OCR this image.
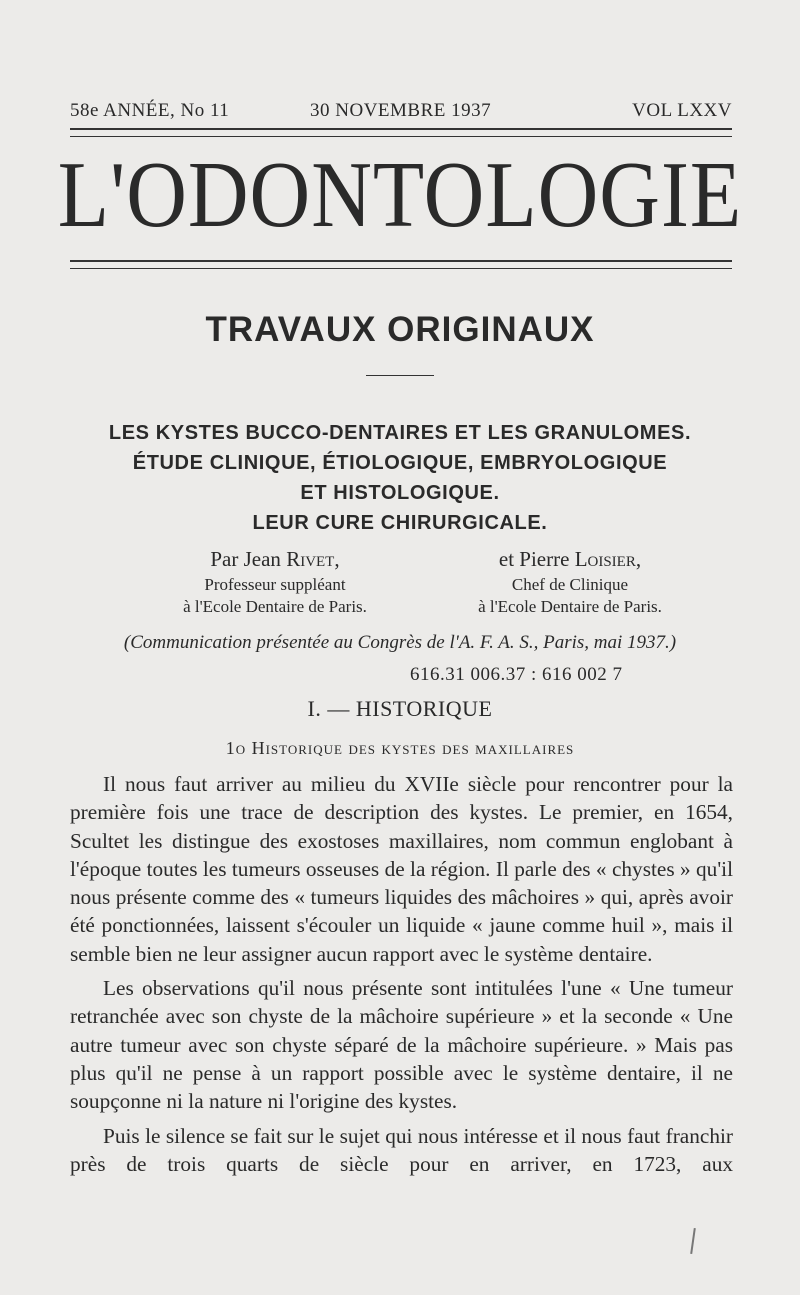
58e ANNÉE, No 11	30 NOVEMBRE 1937	VOL LXXV
L'ODONTOLOGIE
TRAVAUX ORIGINAUX
LES KYSTES BUCCO-DENTAIRES ET LES GRANULOMES.
ÉTUDE CLINIQUE, ÉTIOLOGIQUE, EMBRYOLOGIQUE
ET HISTOLOGIQUE.
LEUR CURE CHIRURGICALE.
Par Jean Rivet,
Professeur suppléant
à l'Ecole Dentaire de Paris.
et Pierre Loisier,
Chef de Clinique
à l'Ecole Dentaire de Paris.
(Communication présentée au Congrès de l'A. F. A. S., Paris, mai 1937.)
616.31 006.37 : 616 002 7
I. — HISTORIQUE
1o Historique des kystes des maxillaires

Il nous faut arriver au milieu du XVIIe siècle pour rencontrer pour la première fois une trace de description des kystes. Le premier, en 1654, Scultet les distingue des exostoses maxillaires, nom commun englobant à l'époque toutes les tumeurs osseuses de la région. Il parle des « chystes » qu'il nous présente comme des « tumeurs liquides des mâchoires » qui, après avoir été ponctionnées, laissent s'écouler un liquide « jaune comme huil », mais il semble bien ne leur assigner aucun rapport avec le système dentaire.

Les observations qu'il nous présente sont intitulées l'une « Une tumeur retranchée avec son chyste de la mâchoire supérieure » et la seconde « Une autre tumeur avec son chyste séparé de la mâchoire supérieure. » Mais pas plus qu'il ne pense à un rapport possible avec le système dentaire, il ne soupçonne ni la nature ni l'origine des kystes.

Puis le silence se fait sur le sujet qui nous intéresse et il nous faut franchir près de trois quarts de siècle pour en arriver, en 1723, aux
